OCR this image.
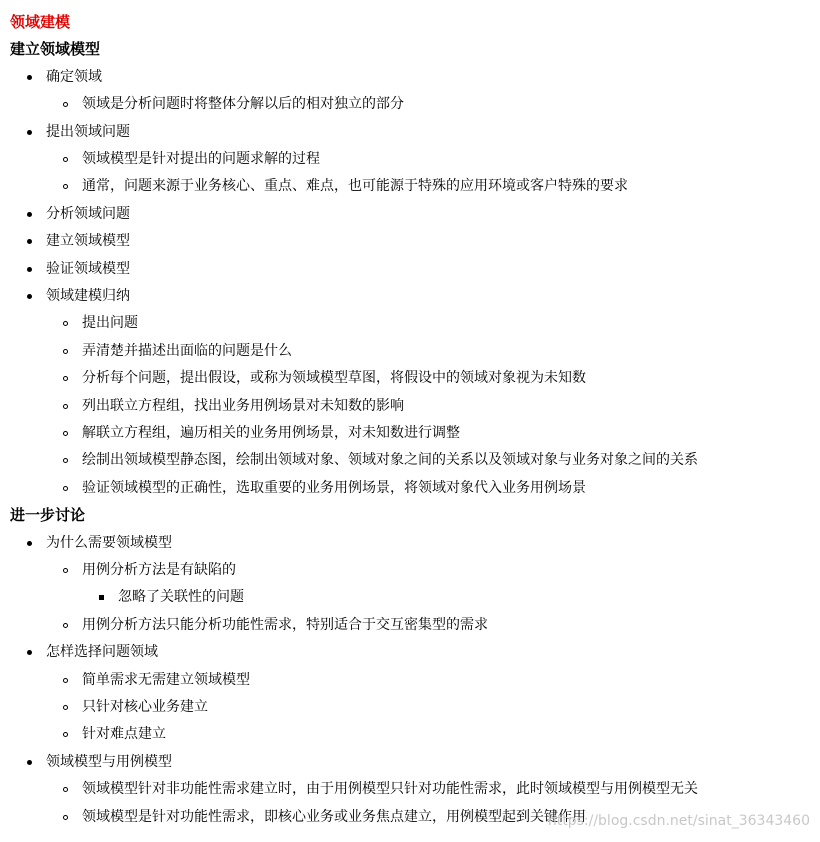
领域建模
建立领域模型
确定领域
领域是分析问题时将整体分解以后的相对独立的部分
提出领域问题
领域模型是针对提出的问题求解的过程
通常，问题来源于业务核心、重点、难点，也可能源于特殊的应用环境或客户特殊的要求
分析领域问题
建立领域模型
验证领域模型
领域建模归纳
提出问题
弄清楚并描述出面临的问题是什么
分析每个问题，提出假设，或称为领域模型草图，将假设中的领域对象视为未知数
列出联立方程组，找出业务用例场景对未知数的影响
解联立方程组，遍历相关的业务用例场景，对未知数进行调整
绘制出领域模型静态图，绘制出领域对象、领域对象之间的关系以及领域对象与业务对象之间的关系
验证领域模型的正确性，选取重要的业务用例场景，将领域对象代入业务用例场景
进一步讨论
为什么需要领域模型
用例分析方法是有缺陷的
忽略了关联性的问题
用例分析方法只能分析功能性需求，特别适合于交互密集型的需求
怎样选择问题领域
简单需求无需建立领域模型
只针对核心业务建立
针对难点建立
领域模型与用例模型
领域模型针对非功能性需求建立时，由于用例模型只针对功能性需求，此时领域模型与用例模型无关
领域模型是针对功能性需求，即核心业务或业务焦点建立，用例模型起到关键作用
https://blog.csdn.net/sinat_36343460
